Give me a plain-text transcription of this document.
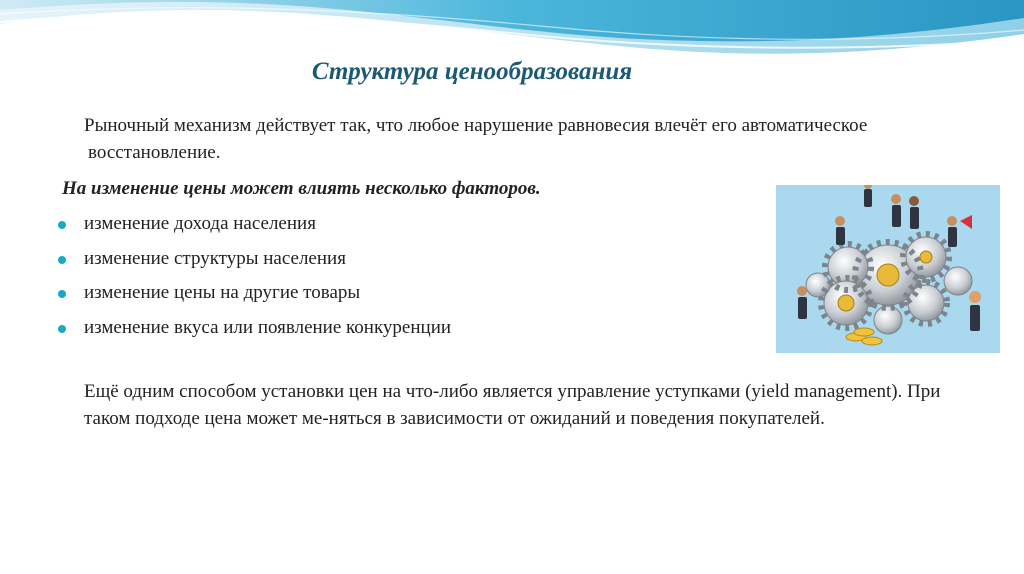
Структура ценообразования
Рыночный механизм действует так, что любое нарушение равновесия влечёт его автоматическое восстановление.
На изменение цены может влиять несколько факторов.
изменение дохода населения
изменение структуры населения
изменение цены на другие товары
изменение вкуса или появление конкуренции
Ещё одним способом установки цен на что-либо является управление уступками (yield management). При таком подходе цена может ме-няться в зависимости от ожиданий и поведения покупателей.
